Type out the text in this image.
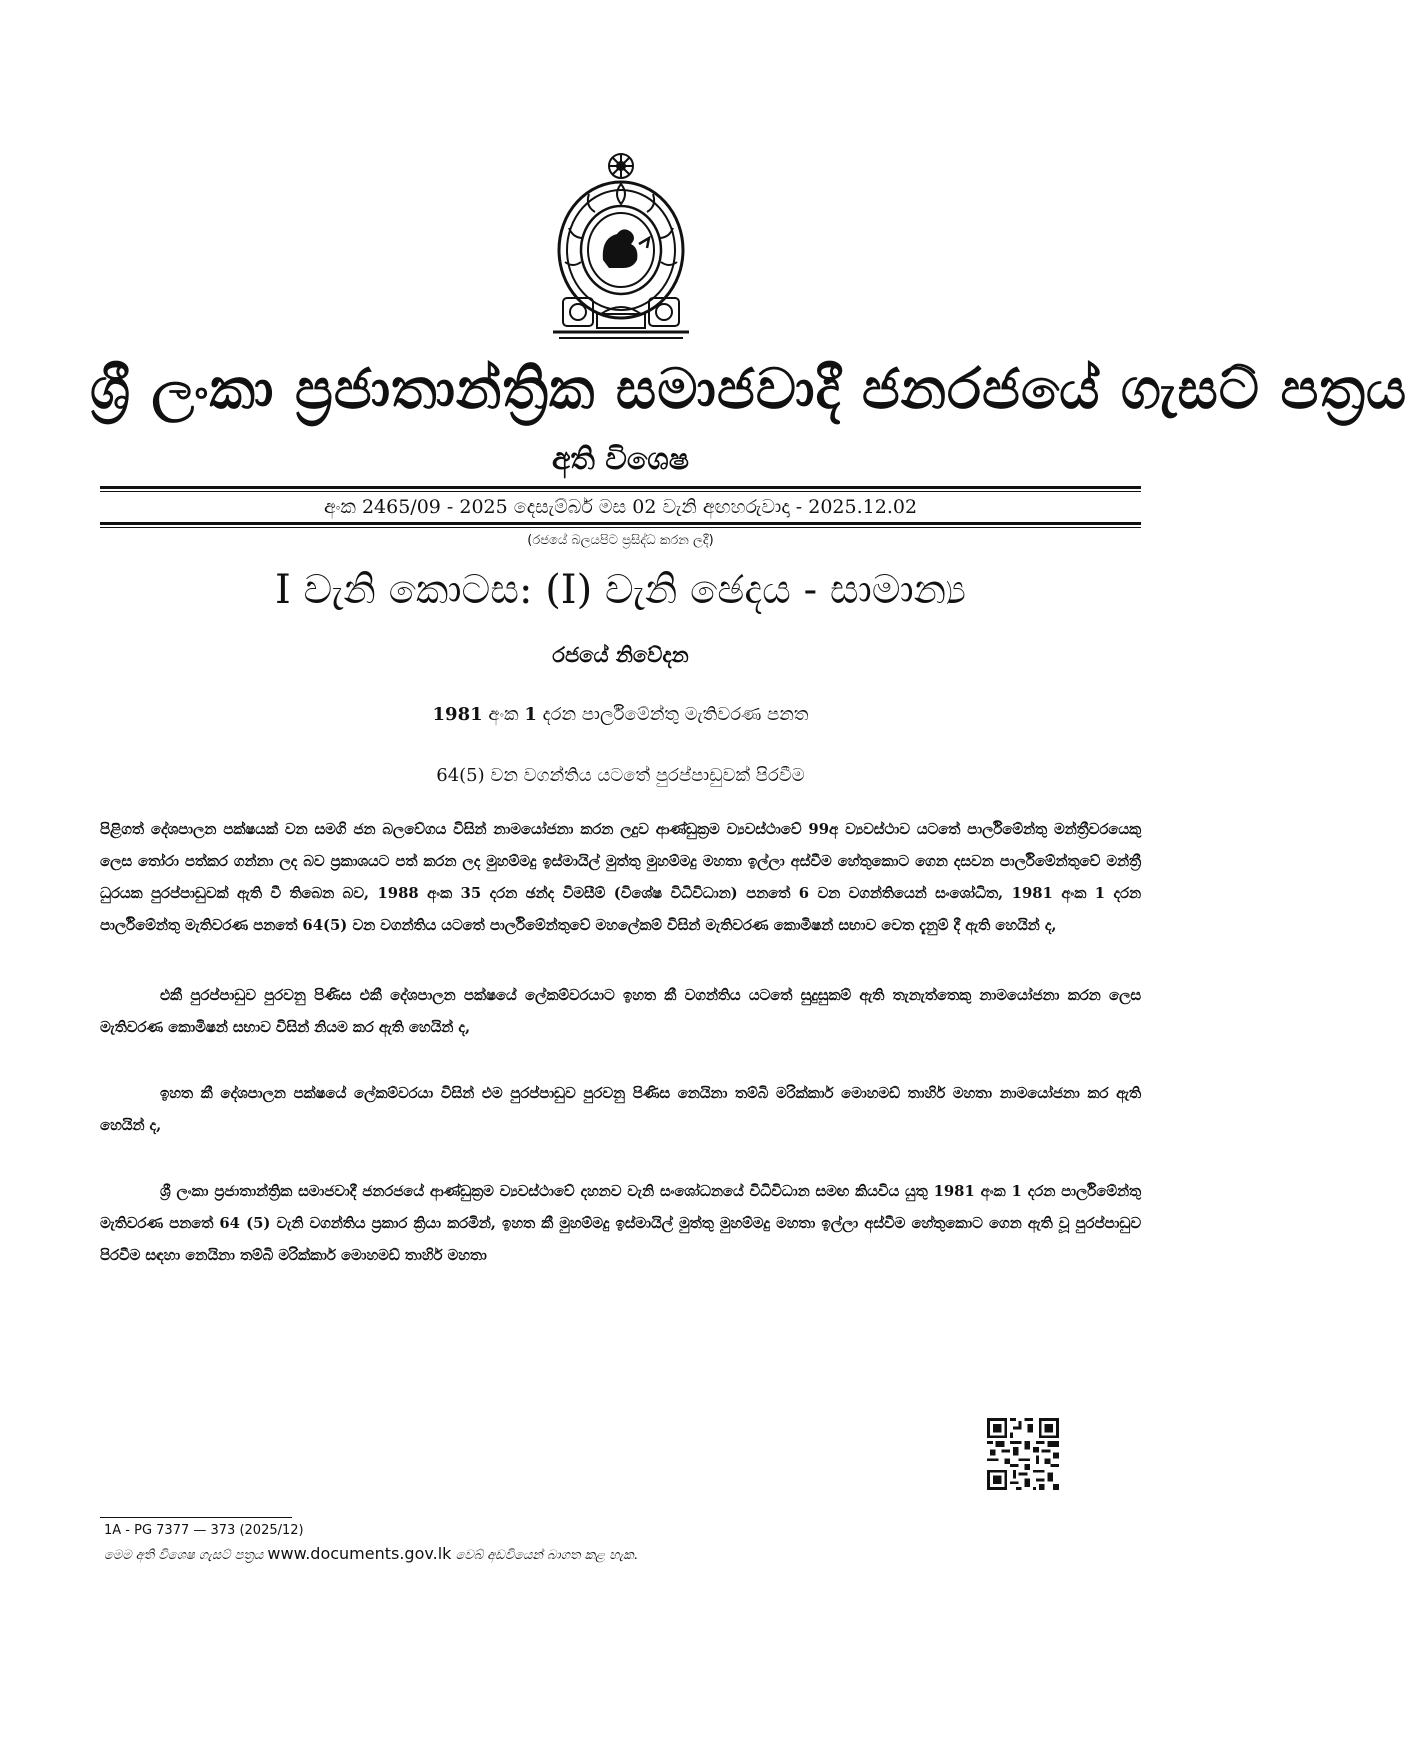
ශ්‍රී ලංකා ප්‍රජාතාන්ත්‍රික සමාජවාදී ජනරජයේ ගැසට් පත්‍රය
අති විශෙෂ
අංක 2465/09 - 2025 දෙසැම්බර් මස 02 වැනි අඟහරුවාදා - 2025.12.02
(රජයේ බලයපිට ප්‍රසිද්ධ කරන ලදී)
I වැනි කොටස: (I) වැනි ඡෙදය - සාමාන්‍ය
රජයේ නිවේදන
1981 අංක 1 දරන පාර්ලිමේන්තු මැතිවරණ පනත
64(5) වන වගන්තිය යටතේ පුරප්පාඩුවක් පිරවීම

පිළිගත් දේශපාලන පක්ෂයක් වන සමගි ජන බලවේගය විසින් නාමයෝජනා කරන ලදුව ආණ්ඩුක්‍රම ව්‍යවස්ථාවේ 99අ ව්‍යවස්ථාව යටතේ පාර්ලිමේන්තු මන්ත්‍රීවරයෙකු ලෙස තෝරා පත්කර ගන්නා ලද බව ප්‍රකාශයට පත් කරන ලද මුහම්මදු ඉස්මායිල් මුත්තු මුහම්මදු මහතා ඉල්ලා අස්වීම හේතුකොට ගෙන දසවන පාර්ලිමේන්තුවේ මන්ත්‍රී ධුරයක පුරප්පාඩුවක් ඇති වී තිබෙන බව, 1988 අංක 35 දරන ඡන්ද විමසීම් (විශේෂ විධිවිධාන) පනතේ 6 වන වගන්තියෙන් සංශෝධිත, 1981 අංක 1 දරන පාර්ලිමේන්තු මැතිවරණ පනතේ 64(5) වන වගන්තිය යටතේ පාර්ලිමේන්තුවේ මහලේකම් විසින් මැතිවරණ කොමිෂන් සභාව වෙත දැනුම් දී ඇති හෙයින් ද,

එකී පුරප්පාඩුව පුරවනු පිණිස එකී දේශපාලන පක්ෂයේ ලේකම්වරයාට ඉහත කී වගන්තිය යටතේ සුදුසුකම් ඇති තැනැත්තෙකු නාමයෝජනා කරන ලෙස මැතිවරණ කොමිෂන් සභාව විසින් නියම කර ඇති හෙයින් ද,

ඉහත කී දේශපාලන පක්ෂයේ ලේකම්වරයා විසින් එම පුරප්පාඩුව පුරවනු පිණිස නෙයිනා තම්බි මරික්කාර් මොහමඩ් තාහිර් මහතා නාමයෝජනා කර ඇති හෙයින් ද,

ශ්‍රී ලංකා ප්‍රජාතාන්ත්‍රික සමාජවාදී ජනරජයේ ආණ්ඩුක්‍රම ව්‍යවස්ථාවේ දහනව වැනි සංශෝධනයේ විධිවිධාන සමඟ කියවිය යුතු 1981 අංක 1 දරන පාර්ලිමේන්තු මැතිවරණ පනතේ 64 (5) වැනි වගන්තිය ප්‍රකාර ක්‍රියා කරමින්, ඉහත කී මුහම්මදු ඉස්මායිල් මුත්තු මුහම්මදු මහතා ඉල්ලා අස්වීම හේතුකොට ගෙන ඇති වූ පුරප්පාඩුව පිරවීම සඳහා නෙයිනා තම්බි මරික්කාර් මොහමඩ් තාහිර් මහතා

1A - PG 7377 — 373 (2025/12)
මෙම අති විශෙෂ ගැසට් පත්‍රය www.documents.gov.lk වෙබ් අඩවියෙන් බාගත කළ හැක.
